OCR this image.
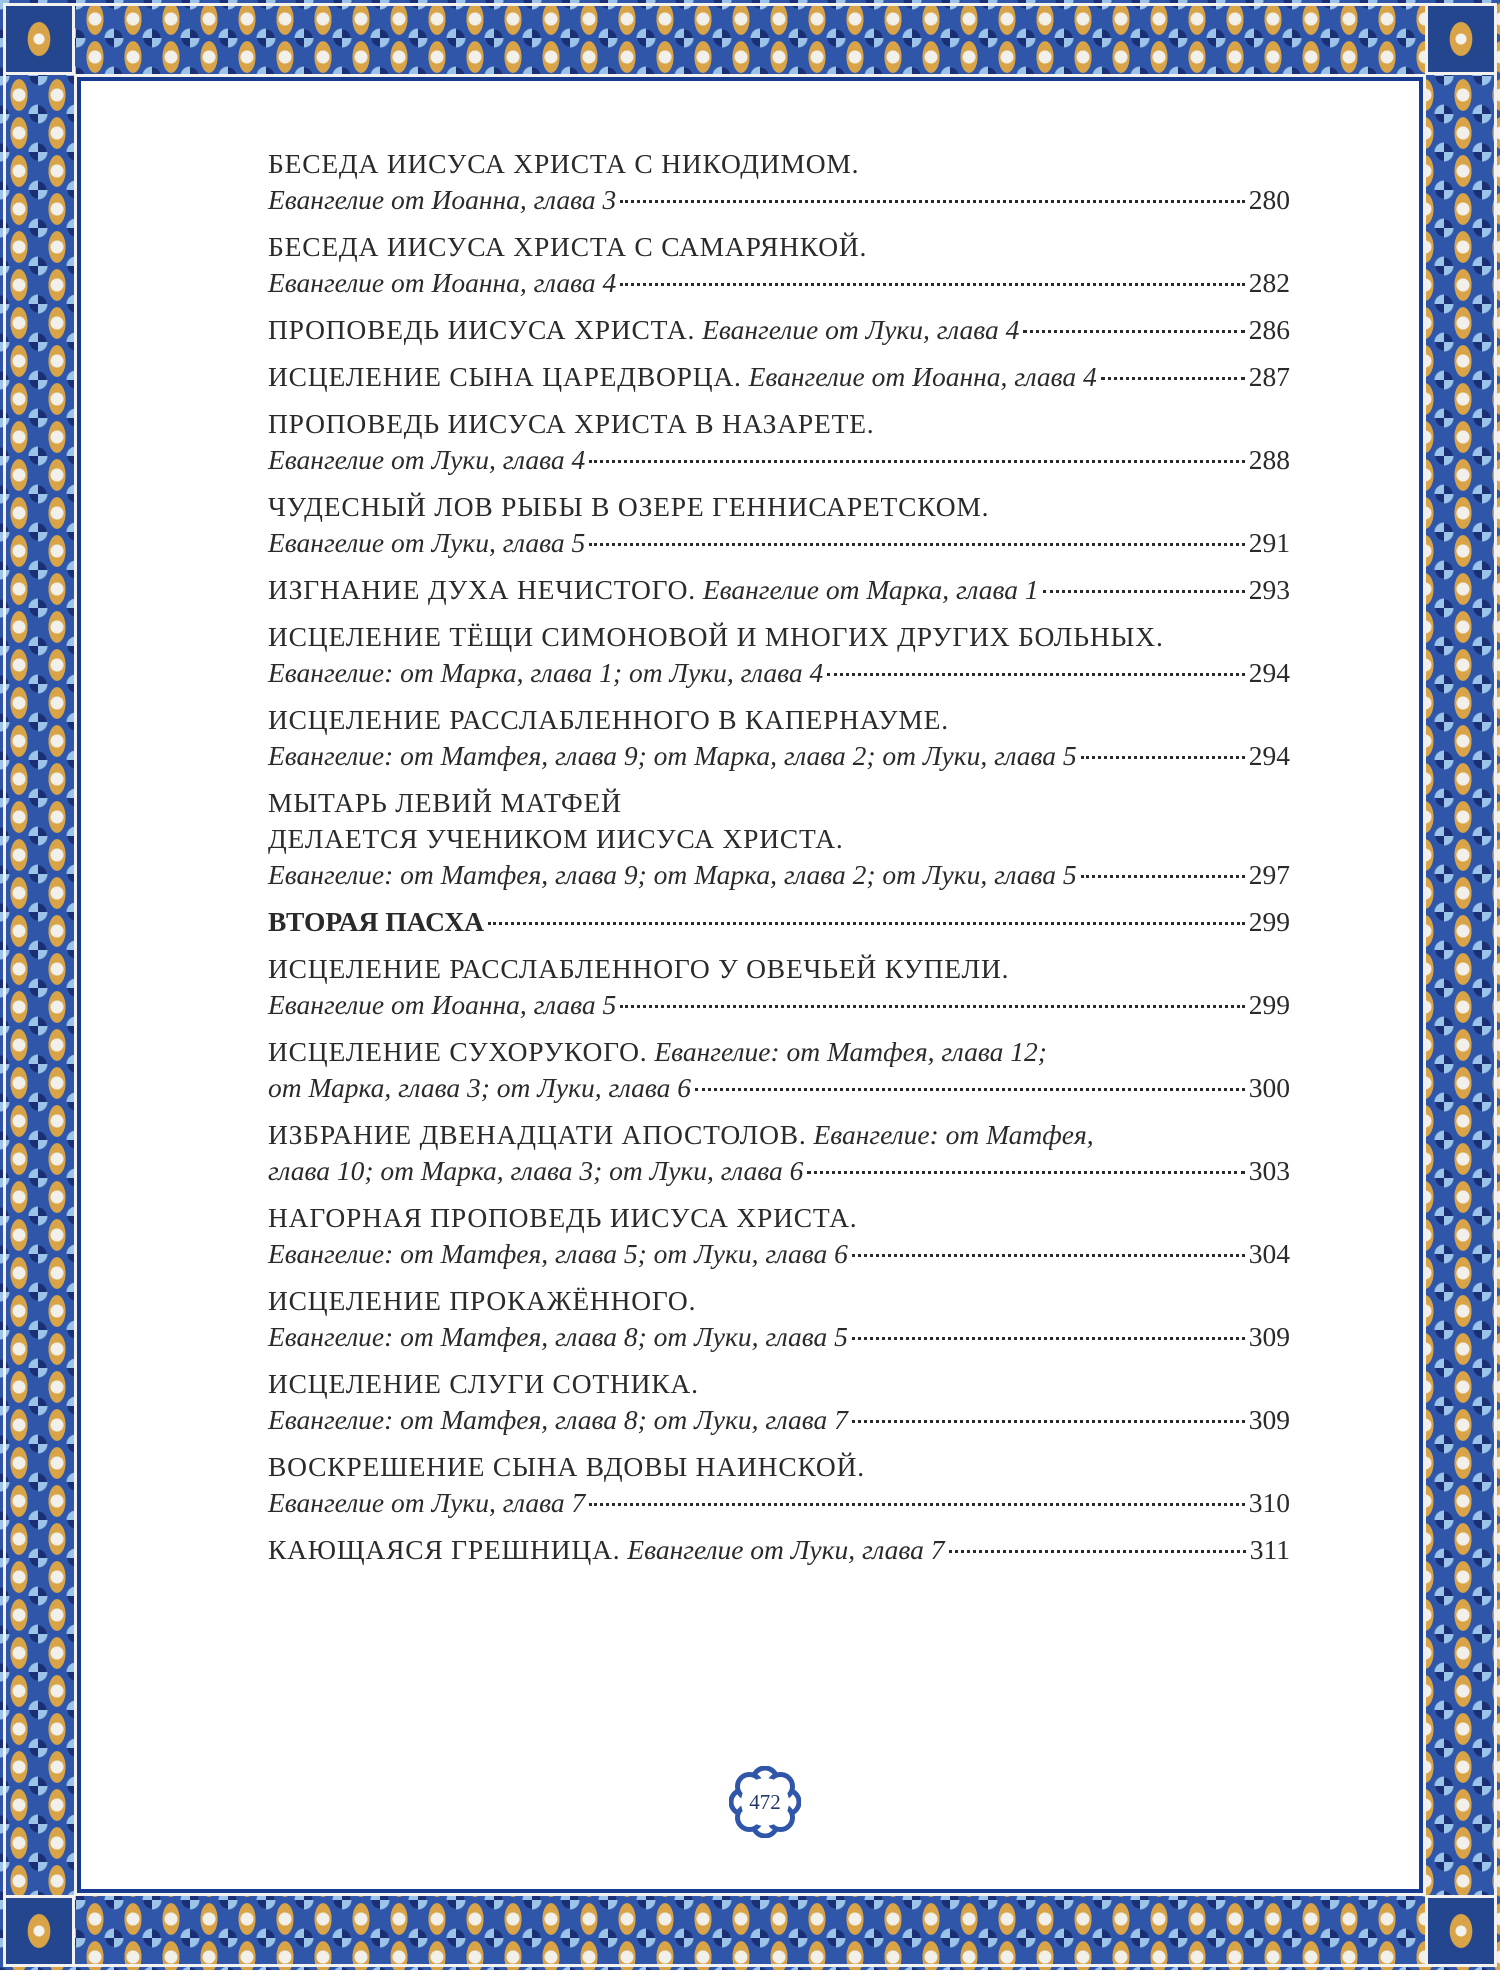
БЕСЕДА ИИСУСА ХРИСТА С НИКОДИМОМ.
Евангелие от Иоанна, глава 3	280
БЕСЕДА ИИСУСА ХРИСТА С САМАРЯНКОЙ.
Евангелие от Иоанна, глава 4	282
ПРОПОВЕДЬ ИИСУСА ХРИСТА.
Евангелие от Луки, глава 4	286
ИСЦЕЛЕНИЕ СЫНА ЦАРЕДВОРЦА.
Евангелие от Иоанна, глава 4	287
ПРОПОВЕДЬ ИИСУСА ХРИСТА В НАЗАРЕТЕ.
Евангелие от Луки, глава 4	288
ЧУДЕСНЫЙ ЛОВ РЫБЫ В ОЗЕРЕ ГЕННИСАРЕТСКОМ.
Евангелие от Луки, глава 5	291
ИЗГНАНИЕ ДУХА НЕЧИСТОГО.
Евангелие от Марка, глава 1	293
ИСЦЕЛЕНИЕ ТЁЩИ СИМОНОВОЙ И МНОГИХ ДРУГИХ БОЛЬНЫХ.
Евангелие: от Марка, глава 1; от Луки, глава 4	294
ИСЦЕЛЕНИЕ РАССЛАБЛЕННОГО В КАПЕРНАУМЕ.
Евангелие: от Матфея, глава 9; от Марка, глава 2; от Луки, глава 5	294
МЫТАРЬ ЛЕВИЙ МАТФЕЙ
ДЕЛАЕТСЯ УЧЕНИКОМ ИИСУСА ХРИСТА.
Евангелие: от Матфея, глава 9; от Марка, глава 2; от Луки, глава 5	297
ВТОРАЯ ПАСХА	299
ИСЦЕЛЕНИЕ РАССЛАБЛЕННОГО У ОВЕЧЬЕЙ КУПЕЛИ.
Евангелие от Иоанна, глава 5	299
ИСЦЕЛЕНИЕ СУХОРУКОГО.
Евангелие: от Матфея, глава 12;
от Марка, глава 3; от Луки, глава 6	300
ИЗБРАНИЕ ДВЕНАДЦАТИ АПОСТОЛОВ.
Евангелие: от Матфея,
глава 10; от Марка, глава 3; от Луки, глава 6	303
НАГОРНАЯ ПРОПОВЕДЬ ИИСУСА ХРИСТА.
Евангелие: от Матфея, глава 5; от Луки, глава 6	304
ИСЦЕЛЕНИЕ ПРОКАЖЁННОГО.
Евангелие: от Матфея, глава 8; от Луки, глава 5	309
ИСЦЕЛЕНИЕ СЛУГИ СОТНИКА.
Евангелие: от Матфея, глава 8; от Луки, глава 7	309
ВОСКРЕШЕНИЕ СЫНА ВДОВЫ НАИНСКОЙ.
Евангелие от Луки, глава 7	310
КАЮЩАЯСЯ ГРЕШНИЦА.
Евангелие от Луки, глава 7	311
472
